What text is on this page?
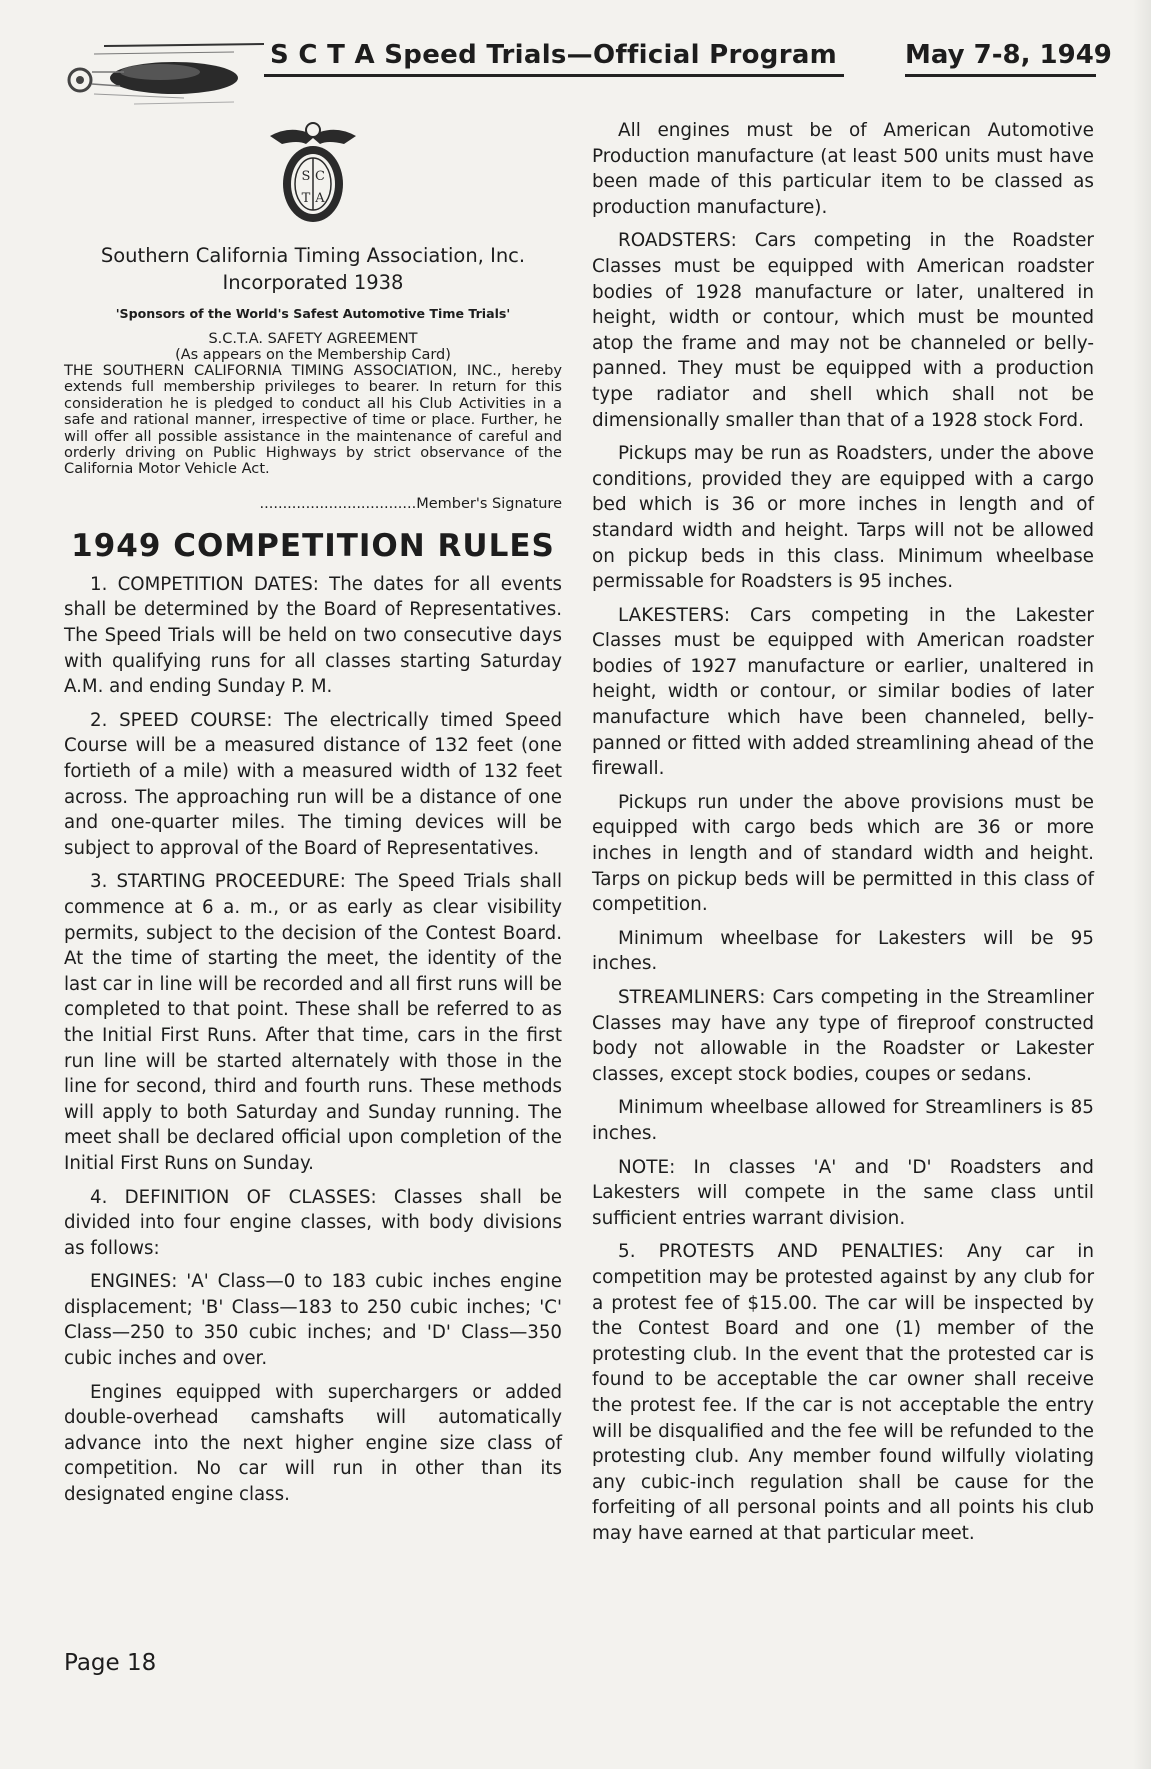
S C T A Speed Trials—Official Program	May 7-8, 1949
S C
T A

Southern California Timing Association, Inc.

Incorporated 1938

'Sponsors of the World's Safest Automotive Time Trials'

S.C.T.A. SAFETY AGREEMENT

(As appears on the Membership Card)

THE SOUTHERN CALIFORNIA TIMING ASSOCIATION, INC., hereby extends full membership privileges to bearer. In return for this consideration he is pledged to conduct all his Club Activities in a safe and rational manner, irrespective of time or place. Further, he will offer all possible assistance in the maintenance of careful and orderly driving on Public Highways by strict observance of the California Motor Vehicle Act.

..................................Member's Signature

1949 COMPETITION RULES

1. COMPETITION DATES: The dates for all events shall be determined by the Board of Representatives. The Speed Trials will be held on two consecutive days with qualifying runs for all classes starting Saturday A.M. and ending Sunday P. M.

2. SPEED COURSE: The electrically timed Speed Course will be a measured distance of 132 feet (one fortieth of a mile) with a measured width of 132 feet across. The approaching run will be a distance of one and one-quarter miles. The timing devices will be subject to approval of the Board of Representatives.

3. STARTING PROCEEDURE: The Speed Trials shall commence at 6 a. m., or as early as clear visibility permits, subject to the decision of the Contest Board. At the time of starting the meet, the identity of the last car in line will be recorded and all first runs will be completed to that point. These shall be referred to as the Initial First Runs. After that time, cars in the first run line will be started alternately with those in the line for second, third and fourth runs. These methods will apply to both Saturday and Sunday running. The meet shall be declared official upon completion of the Initial First Runs on Sunday.

4. DEFINITION OF CLASSES: Classes shall be divided into four engine classes, with body divisions as follows:

ENGINES: 'A' Class—0 to 183 cubic inches engine displacement; 'B' Class—183 to 250 cubic inches; 'C' Class—250 to 350 cubic inches; and 'D' Class—350 cubic inches and over.

Engines equipped with superchargers or added double-overhead camshafts will automatically advance into the next higher engine size class of competition. No car will run in other than its designated engine class.

All engines must be of American Automotive Production manufacture (at least 500 units must have been made of this particular item to be classed as production manufacture).

ROADSTERS: Cars competing in the Roadster Classes must be equipped with American roadster bodies of 1928 manufacture or later, unaltered in height, width or contour, which must be mounted atop the frame and may not be channeled or belly-panned. They must be equipped with a production type radiator and shell which shall not be dimensionally smaller than that of a 1928 stock Ford.

Pickups may be run as Roadsters, under the above conditions, provided they are equipped with a cargo bed which is 36 or more inches in length and of standard width and height. Tarps will not be allowed on pickup beds in this class. Minimum wheelbase permissable for Roadsters is 95 inches.

LAKESTERS: Cars competing in the Lakester Classes must be equipped with American roadster bodies of 1927 manufacture or earlier, unaltered in height, width or contour, or similar bodies of later manufacture which have been channeled, belly-panned or fitted with added streamlining ahead of the firewall.

Pickups run under the above provisions must be equipped with cargo beds which are 36 or more inches in length and of standard width and height. Tarps on pickup beds will be permitted in this class of competition.

Minimum wheelbase for Lakesters will be 95 inches.

STREAMLINERS: Cars competing in the Streamliner Classes may have any type of fireproof constructed body not allowable in the Roadster or Lakester classes, except stock bodies, coupes or sedans.

Minimum wheelbase allowed for Streamliners is 85 inches.

NOTE: In classes 'A' and 'D' Roadsters and Lakesters will compete in the same class until sufficient entries warrant division.

5. PROTESTS AND PENALTIES: Any car in competition may be protested against by any club for a protest fee of $15.00. The car will be inspected by the Contest Board and one (1) member of the protesting club. In the event that the protested car is found to be acceptable the car owner shall receive the protest fee. If the car is not acceptable the entry will be disqualified and the fee will be refunded to the protesting club. Any member found wilfully violating any cubic-inch regulation shall be cause for the forfeiting of all personal points and all points his club may have earned at that particular meet.

Page 18
